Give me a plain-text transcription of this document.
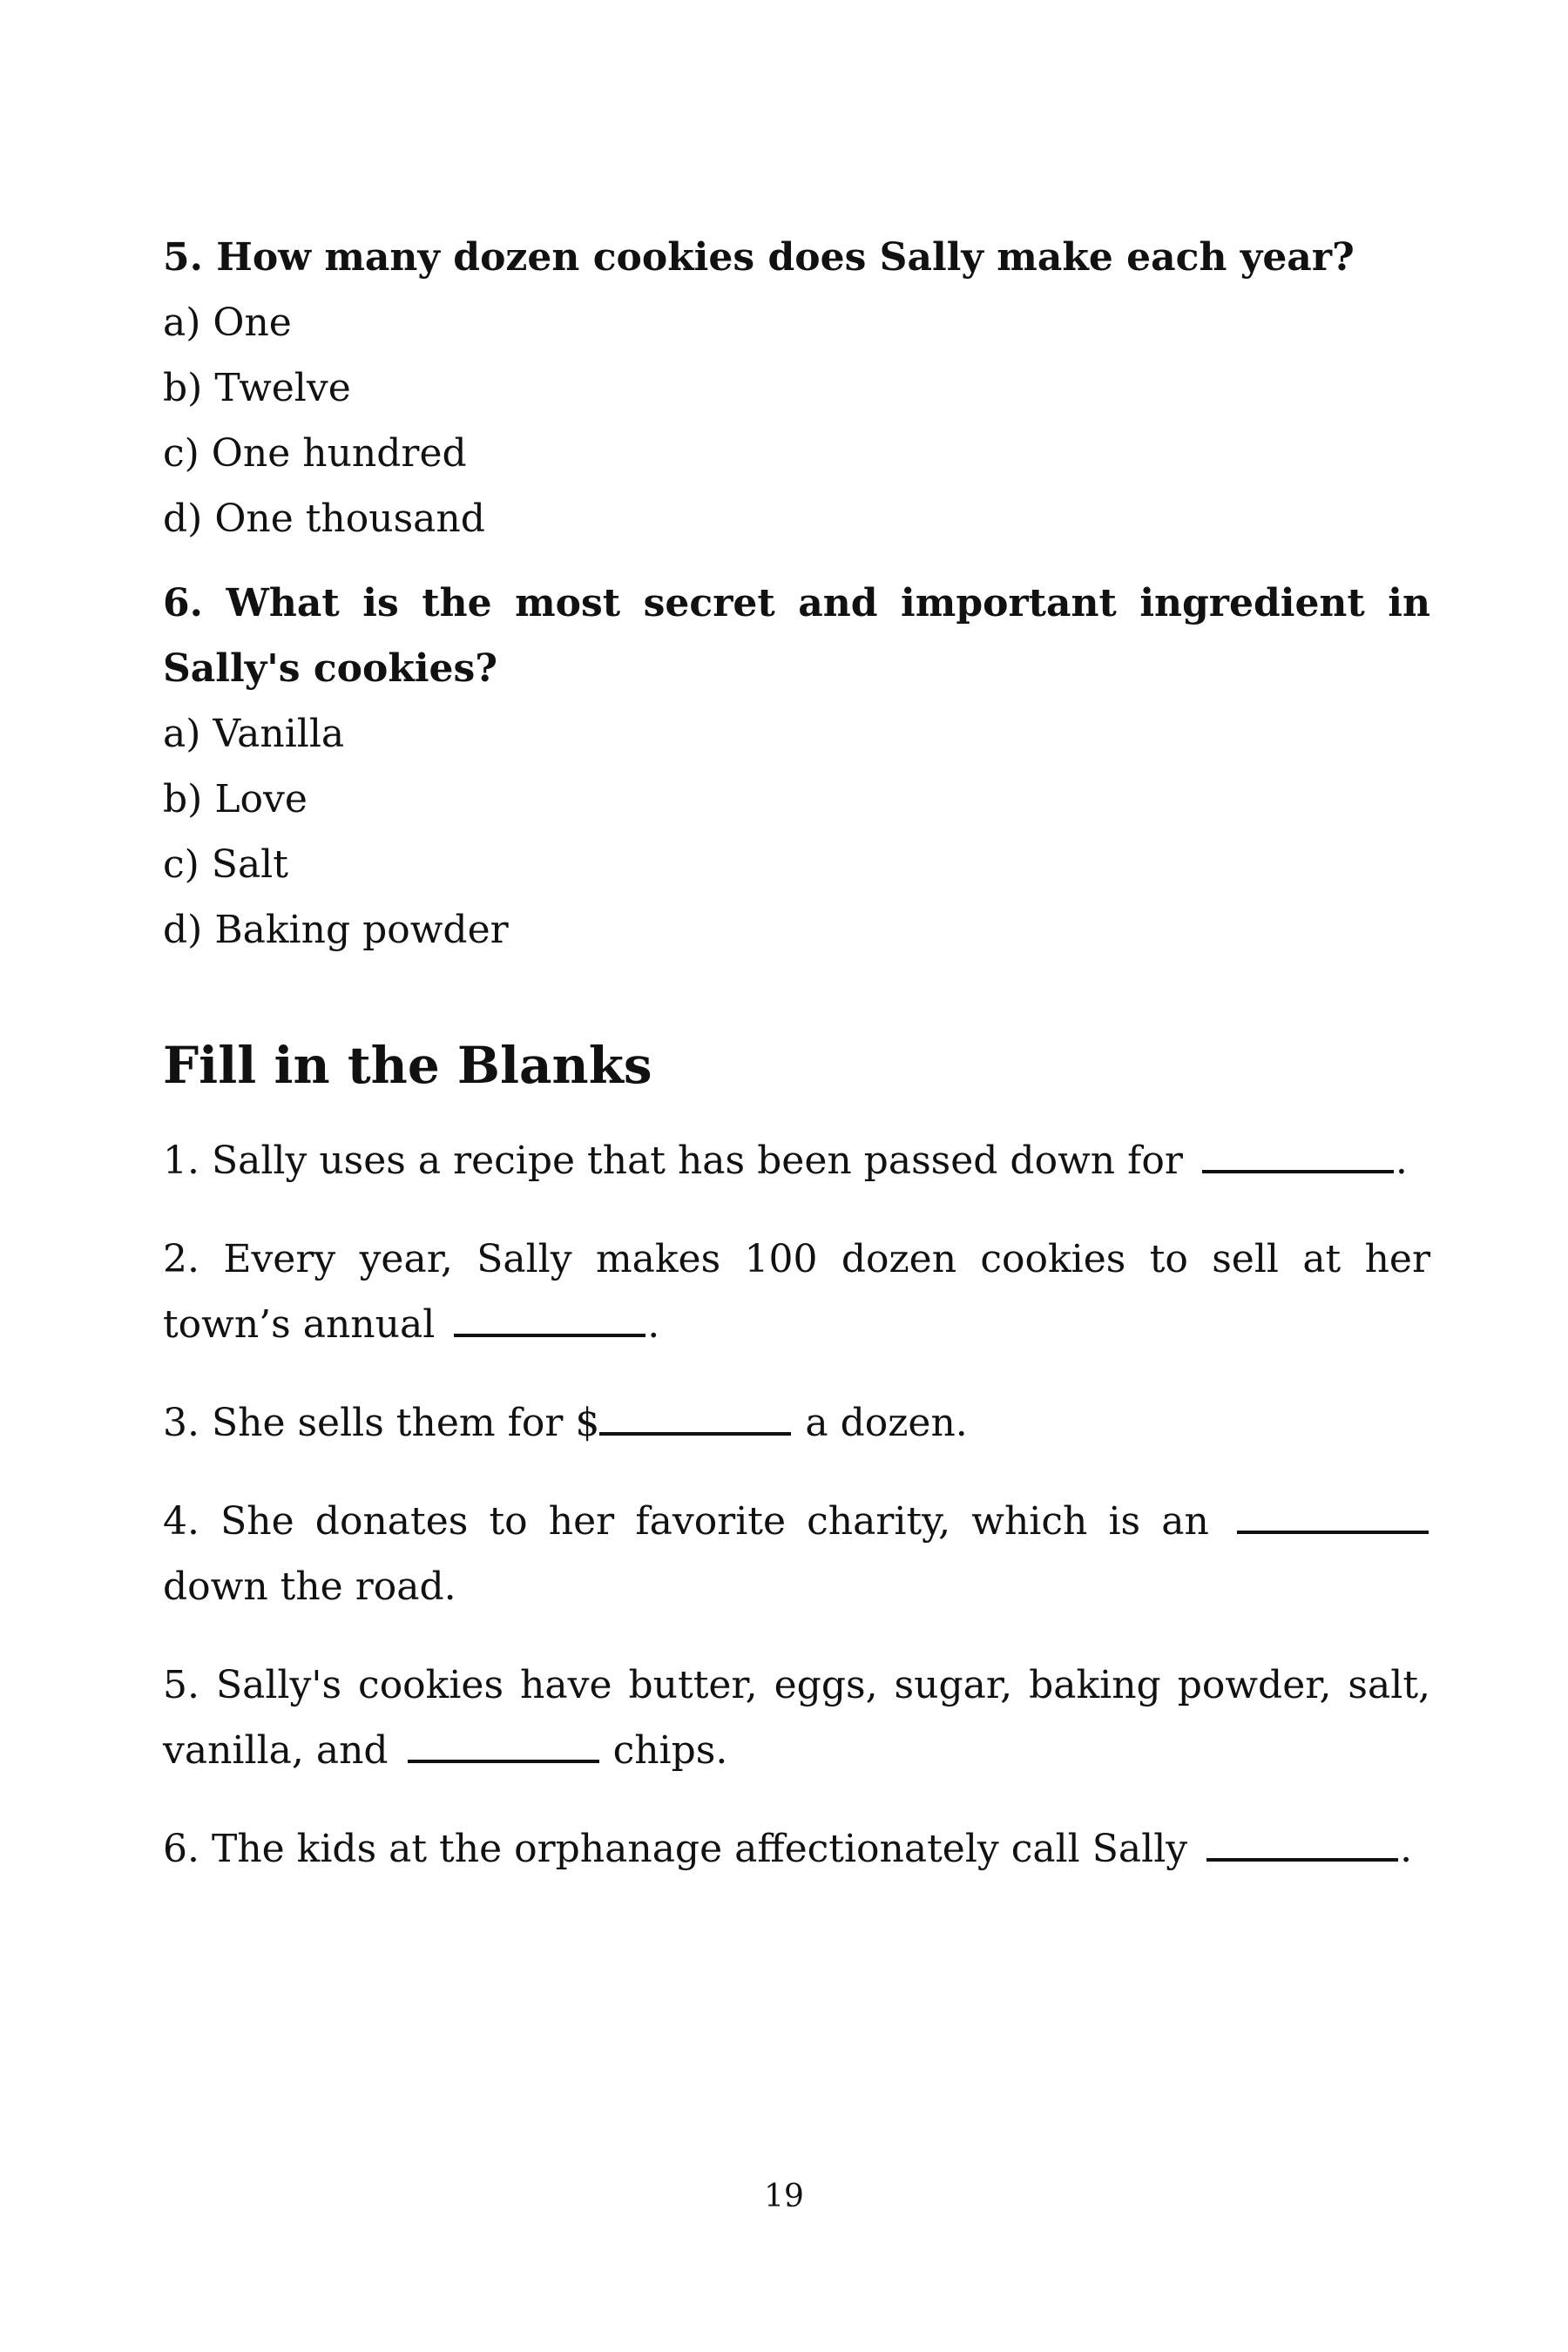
5. How many dozen cookies does Sally make each year?

a) One

b) Twelve

c) One hundred

d) One thousand

6. What is the most secret and important ingredient in Sally's cookies?

a) Vanilla

b) Love

c) Salt

d) Baking powder

Fill in the Blanks

1. Sally uses a recipe that has been passed down for	.

2. Every year, Sally makes 100 dozen cookies to sell at her town’s annual	.

3. She sells them for $	a dozen.

4. She donates to her favorite charity, which is an  down the road.

5. Sally's cookies have butter, eggs, sugar, baking powder, salt, vanilla, and	chips.

6. The kids at the orphanage affectionately call Sally	.

19
